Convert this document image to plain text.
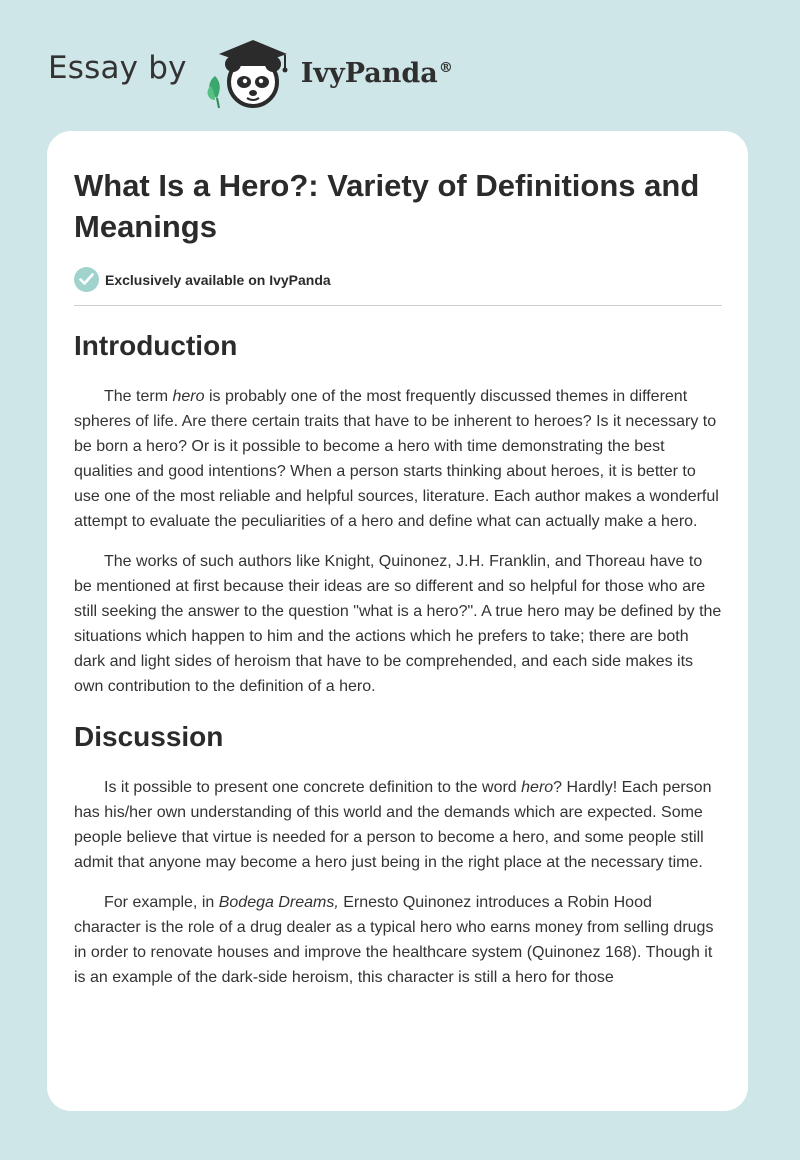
Essay by	IvyPanda®
What Is a Hero?: Variety of Definitions and Meanings
Exclusively available on IvyPanda
Introduction

The term hero is probably one of the most frequently discussed themes in different spheres of life. Are there certain traits that have to be inherent to heroes? Is it necessary to be born a hero? Or is it possible to become a hero with time demonstrating the best qualities and good intentions? When a person starts thinking about heroes, it is better to use one of the most reliable and helpful sources, literature. Each author makes a wonderful attempt to evaluate the peculiarities of a hero and define what can actually make a hero.

The works of such authors like Knight, Quinonez, J.H. Franklin, and Thoreau have to be mentioned at first because their ideas are so different and so helpful for those who are still seeking the answer to the question "what is a hero?". A true hero may be defined by the situations which happen to him and the actions which he prefers to take; there are both dark and light sides of heroism that have to be comprehended, and each side makes its own contribution to the definition of a hero.

Discussion

Is it possible to present one concrete definition to the word hero? Hardly! Each person has his/her own understanding of this world and the demands which are expected. Some people believe that virtue is needed for a person to become a hero, and some people still admit that anyone may become a hero just being in the right place at the necessary time.

For example, in Bodega Dreams, Ernesto Quinonez introduces a Robin Hood character is the role of a drug dealer as a typical hero who earns money from selling drugs in order to renovate houses and improve the healthcare system (Quinonez 168). Though it is an example of the dark-side heroism, this character is still a hero for those
